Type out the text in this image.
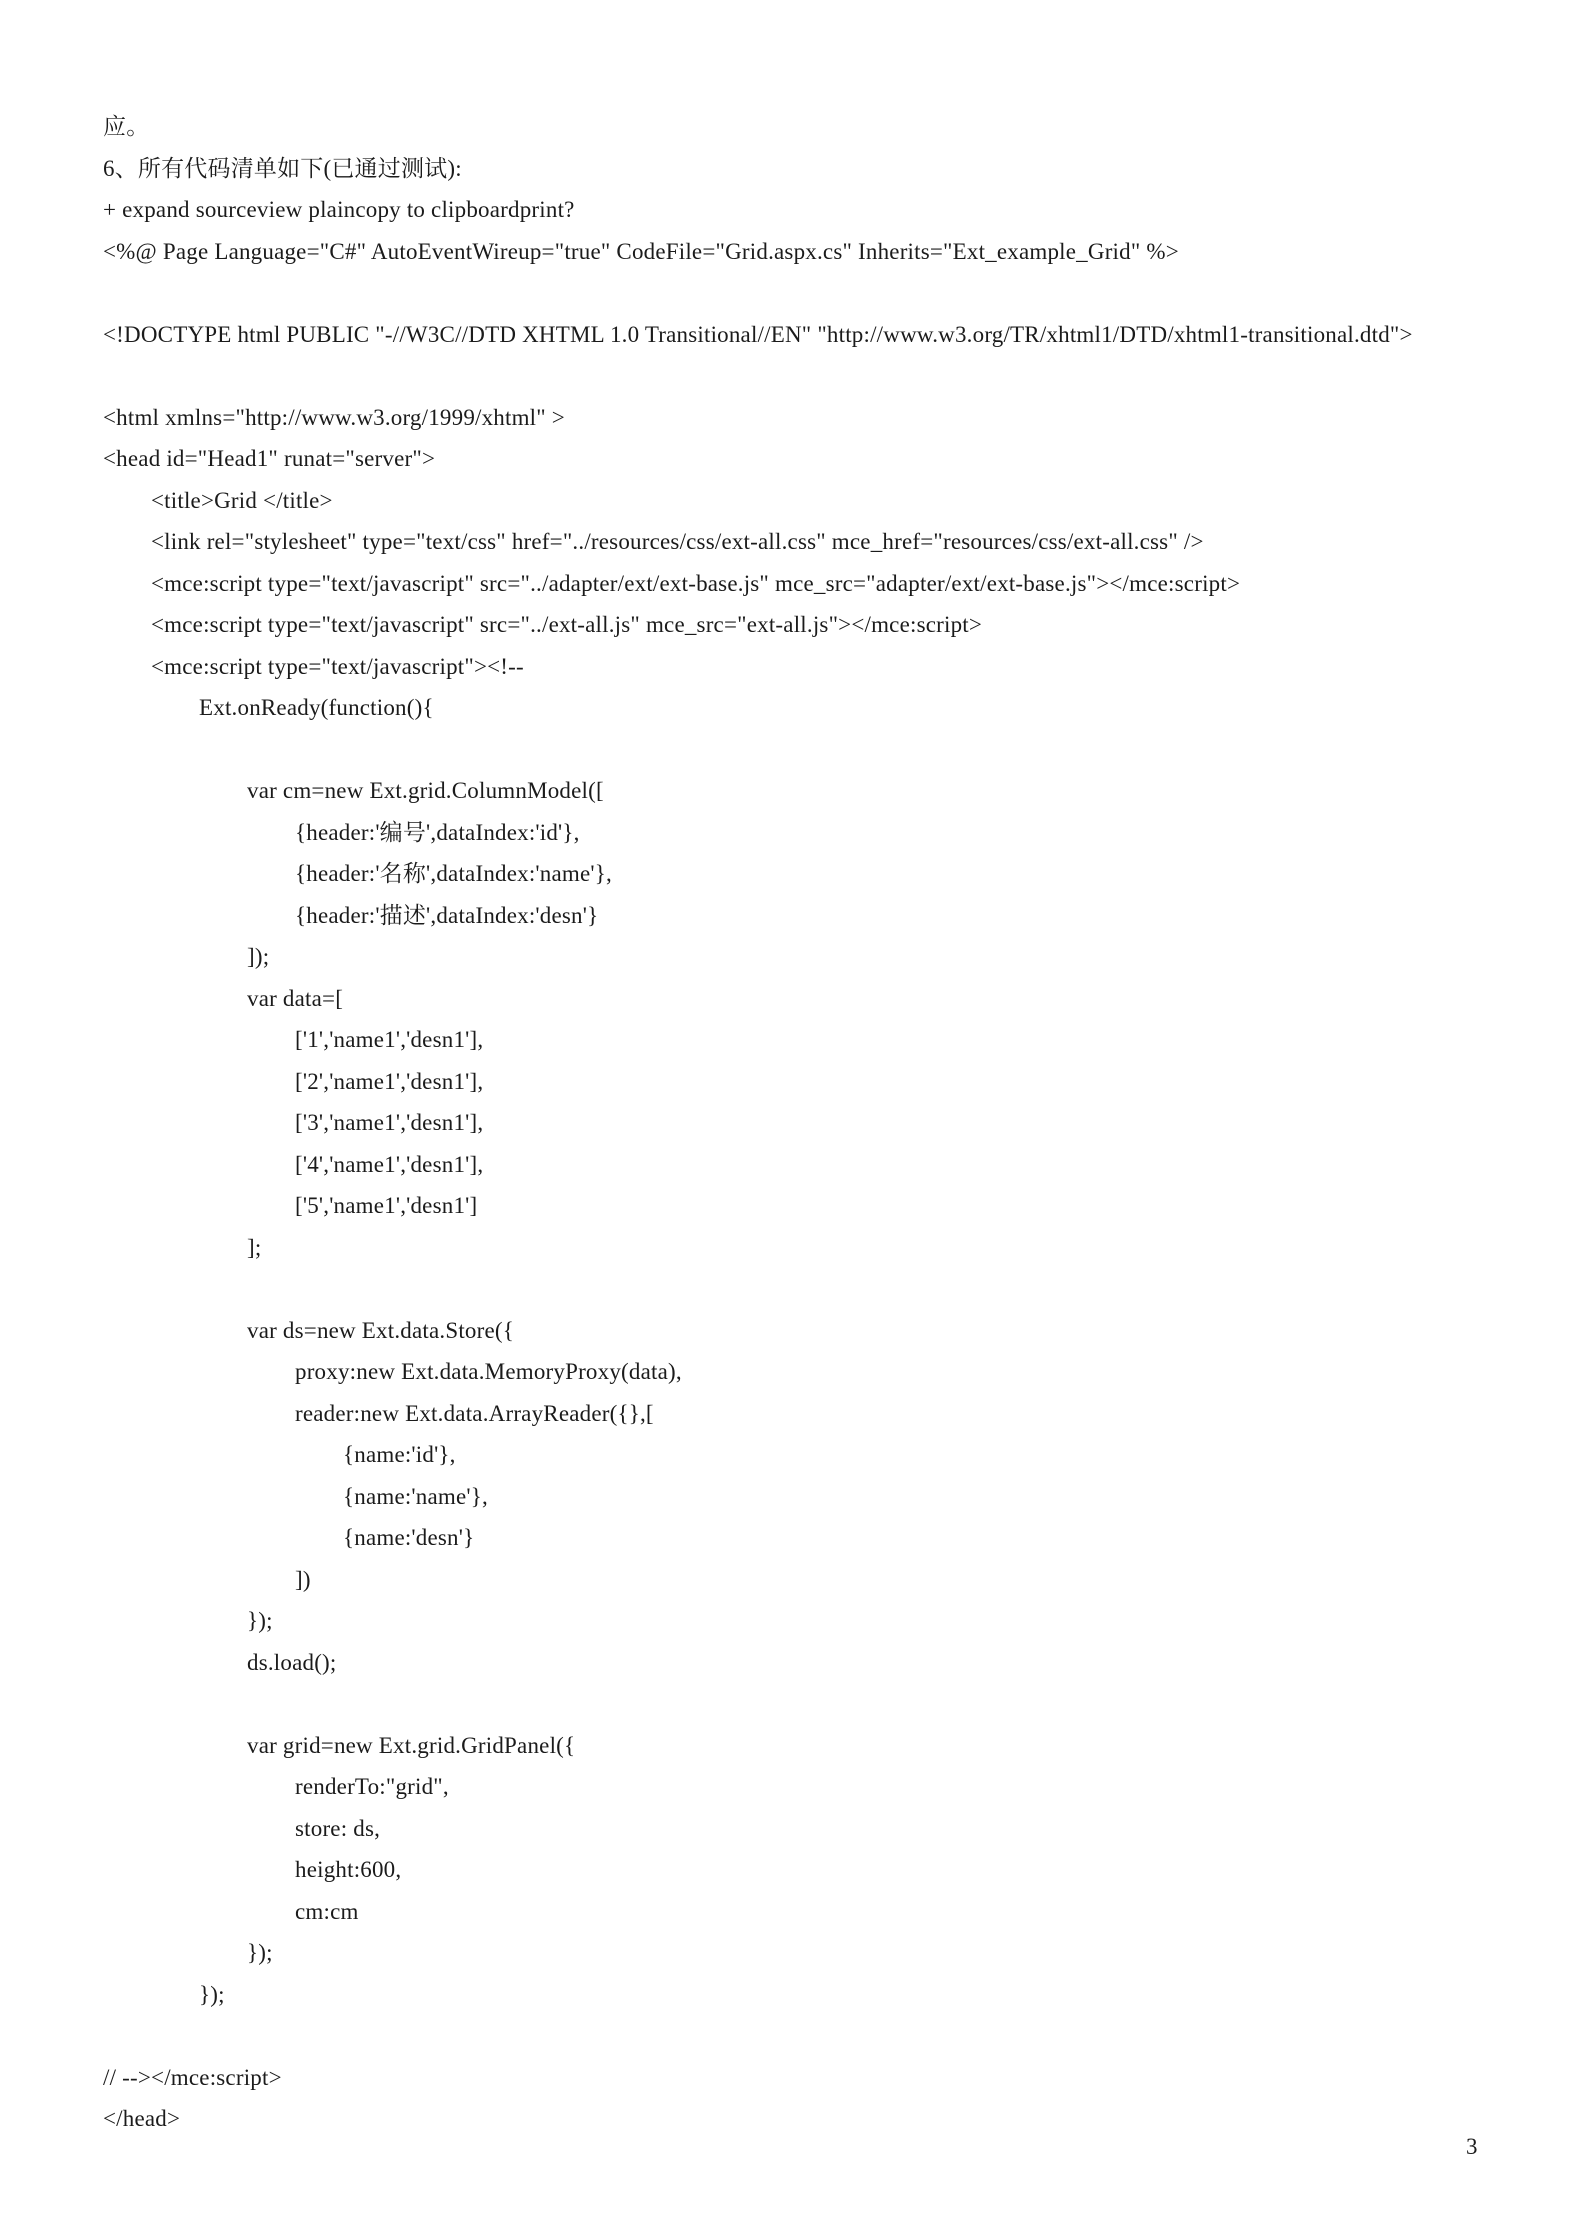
应。
6、所有代码清单如下(已通过测试):
+ expand sourceview plaincopy to clipboardprint?
<%@ Page Language="C#" AutoEventWireup="true" CodeFile="Grid.aspx.cs" Inherits="Ext_example_Grid" %>
<!DOCTYPE html PUBLIC "-//W3C//DTD XHTML 1.0 Transitional//EN" "http://www.w3.org/TR/xhtml1/DTD/xhtml1-transitional.dtd">
<html xmlns="http://www.w3.org/1999/xhtml" >
<head id="Head1" runat="server">
<title>Grid </title>
<link rel="stylesheet" type="text/css" href="../resources/css/ext-all.css" mce_href="resources/css/ext-all.css" />
<mce:script type="text/javascript" src="../adapter/ext/ext-base.js" mce_src="adapter/ext/ext-base.js"></mce:script>
<mce:script type="text/javascript" src="../ext-all.js" mce_src="ext-all.js"></mce:script>
<mce:script type="text/javascript"><!--
Ext.onReady(function(){
var cm=new Ext.grid.ColumnModel([
{header:'编号',dataIndex:'id'},
{header:'名称',dataIndex:'name'},
{header:'描述',dataIndex:'desn'}
]);
var data=[
['1','name1','desn1'],
['2','name1','desn1'],
['3','name1','desn1'],
['4','name1','desn1'],
['5','name1','desn1']
];
var ds=new Ext.data.Store({
proxy:new Ext.data.MemoryProxy(data),
reader:new Ext.data.ArrayReader({},[
{name:'id'},
{name:'name'},
{name:'desn'}
])
});
ds.load();
var grid=new Ext.grid.GridPanel({
renderTo:"grid",
store: ds,
height:600,
cm:cm
});
});
// --></mce:script>
</head>
3
